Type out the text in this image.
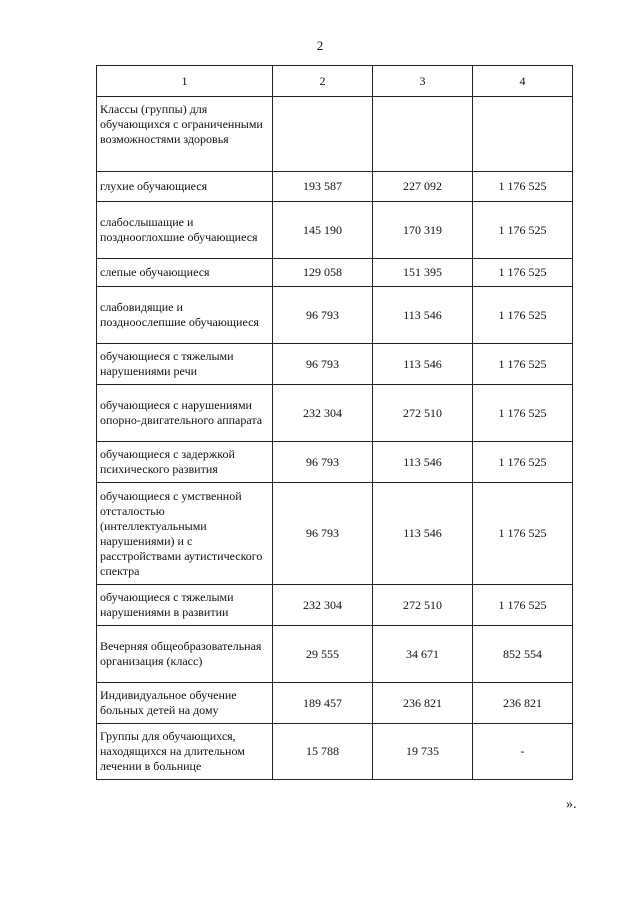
2
1	2	3	4
Классы (группы) для обучающихся с ограниченными возможностями здоровья			
глухие обучающиеся	193 587	227 092	1 176 525
слабослышащие и позднооглохшие обучающиеся	145 190	170 319	1 176 525
слепые обучающиеся	129 058	151 395	1 176 525
слабовидящие и поздноослепшие обучающиеся	96 793	113 546	1 176 525
обучающиеся с тяжелыми нарушениями речи	96 793	113 546	1 176 525
обучающиеся с нарушениями опорно-двигательного аппарата	232 304	272 510	1 176 525
обучающиеся с задержкой психического развития	96 793	113 546	1 176 525
обучающиеся с умственной отсталостью (интеллектуальными нарушениями) и с расстройствами аутистического спектра	96 793	113 546	1 176 525
обучающиеся с тяжелыми нарушениями в развитии	232 304	272 510	1 176 525
Вечерняя общеобразовательная организация (класс)	29 555	34 671	852 554
Индивидуальное обучение больных детей на дому	189 457	236 821	236 821
Группы для обучающихся, находящихся на длительном лечении в больнице	15 788	19 735	-
».
